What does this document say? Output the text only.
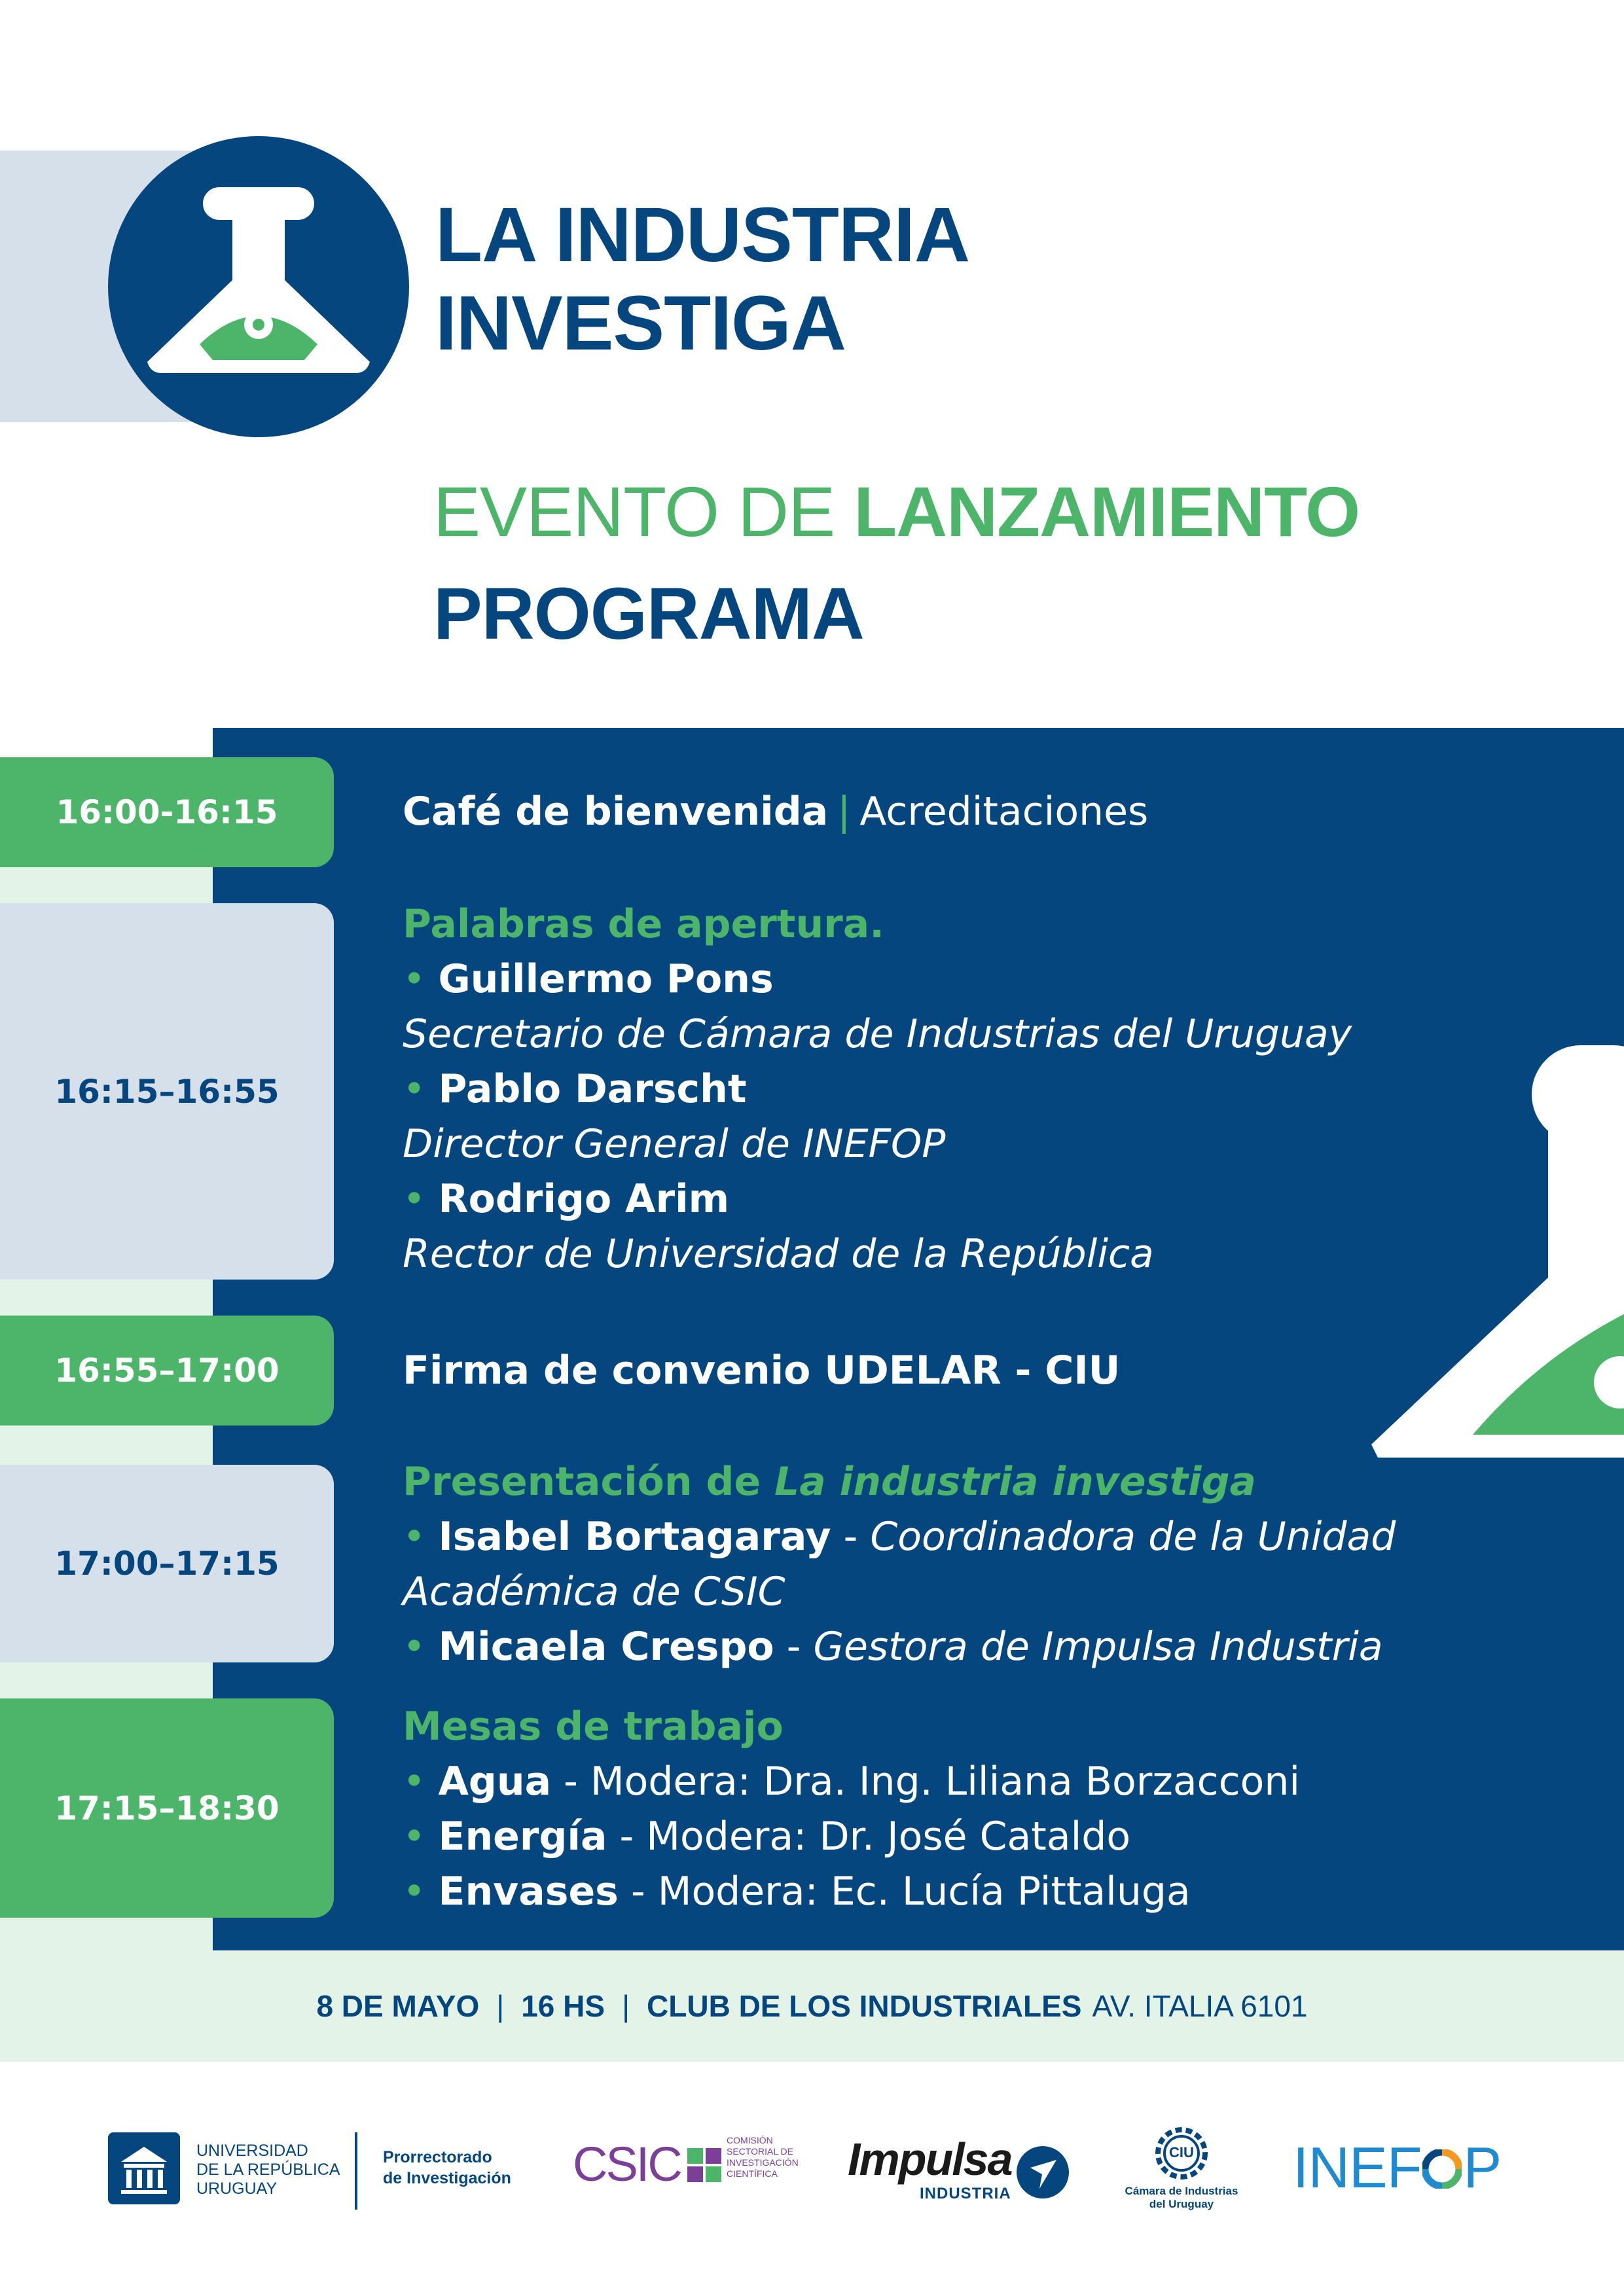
LA INDUSTRIA
INVESTIGA
EVENTO DE LANZAMIENTO
PROGRAMA
16:00-16:15
16:15–16:55
16:55–17:00
17:00–17:15
17:15–18:30
Café de bienvenida | Acreditaciones
Palabras de apertura.
• Guillermo Pons
Secretario de Cámara de Industrias del Uruguay
• Pablo Darscht
Director General de INEFOP
• Rodrigo Arim
Rector de Universidad de la República
Firma de convenio UDELAR - CIU
Presentación de La industria investiga
• Isabel Bortagaray - Coordinadora de la Unidad
Académica de CSIC
• Micaela Crespo - Gestora de Impulsa Industria
Mesas de trabajo
• Agua - Modera: Dra. Ing. Liliana Borzacconi
• Energía - Modera: Dr. José Cataldo
• Envases - Modera: Ec. Lucía Pittaluga
8 DE MAYO | 16 HS | CLUB DE LOS INDUSTRIALES AV. ITALIA 6101
UNIVERSIDAD
DE LA REPÚBLICA
URUGUAY
Prorrectorado
de Investigación CSIC	COMISIÓN
SECTORIAL DE
INVESTIGACIÓN
CIENTÍFICA	Impulsa
INDUSTRIA
CIU
Cámara de Industrias
del Uruguay
INEF P
